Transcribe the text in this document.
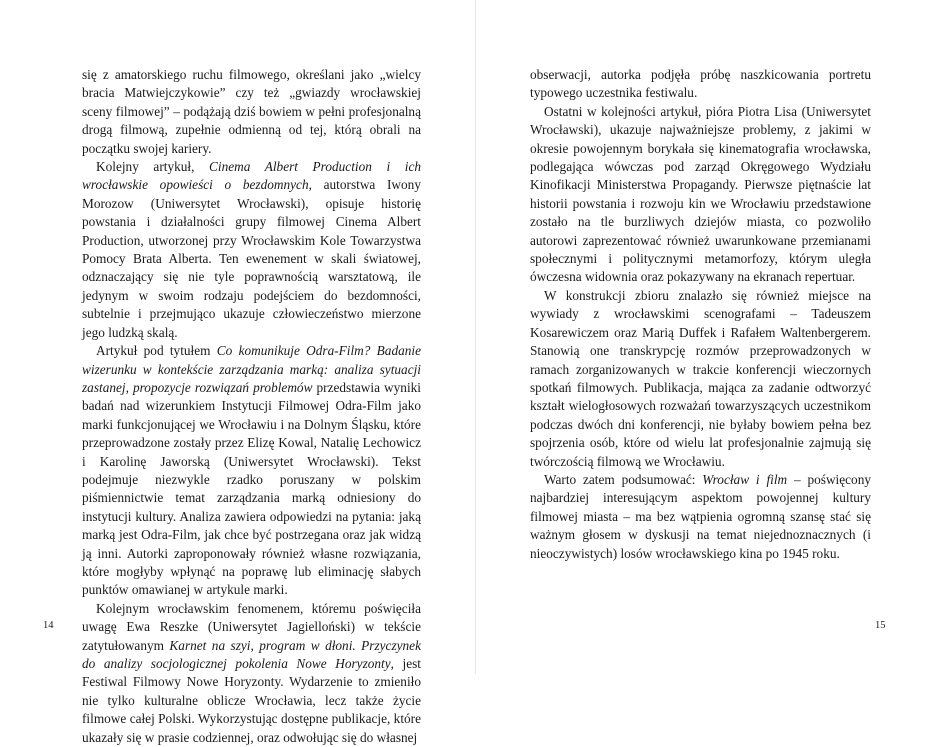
się z amatorskiego ruchu filmowego, określani jako „wielcy bracia Matwiejczykowie” czy też „gwiazdy wrocławskiej sceny filmowej” – podążają dziś bowiem w pełni profesjonalną drogą filmową, zupełnie odmienną od tej, którą obrali na początku swojej kariery.

Kolejny artykuł, Cinema Albert Production i ich wrocławskie opowieści o bezdomnych, autorstwa Iwony Morozow (Uniwersytet Wrocławski), opisuje historię powstania i działalności grupy filmowej Cinema Albert Production, utworzonej przy Wrocławskim Kole Towarzystwa Pomocy Brata Alberta. Ten ewenement w skali światowej, odznaczający się nie tyle poprawnością warsztatową, ile jedynym w swoim rodzaju podejściem do bezdomności, subtelnie i przejmująco ukazuje człowieczeństwo mierzone jego ludzką skalą.

Artykuł pod tytułem Co komunikuje Odra-Film? Badanie wizerunku w kontekście zarządzania marką: analiza sytuacji zastanej, propozycje rozwiązań problemów przedstawia wyniki badań nad wizerunkiem Instytucji Filmowej Odra-Film jako marki funkcjonującej we Wrocławiu i na Dolnym Śląsku, które przeprowadzone zostały przez Elizę Kowal, Natalię Lechowicz i Karolinę Jaworską (Uniwersytet Wrocławski). Tekst podejmuje niezwykle rzadko poruszany w polskim piśmiennictwie temat zarządzania marką odniesiony do instytucji kultury. Analiza zawiera odpowiedzi na pytania: jaką marką jest Odra-Film, jak chce być postrzegana oraz jak widzą ją inni. Autorki zaproponowały również własne rozwiązania, które mogłyby wpłynąć na poprawę lub eliminację słabych punktów omawianej w artykule marki.

Kolejnym wrocławskim fenomenem, któremu poświęciła uwagę Ewa Reszke (Uniwersytet Jagielloński) w tekście zatytułowanym Karnet na szyi, program w dłoni. Przyczynek do analizy socjologicznej pokolenia Nowe Horyzonty, jest Festiwal Filmowy Nowe Horyzonty. Wydarzenie to zmieniło nie tylko kulturalne oblicze Wrocławia, lecz także życie filmowe całej Polski. Wykorzystując dostępne publikacje, które ukazały się w prasie codziennej, oraz odwołując się do własnej

14

obserwacji, autorka podjęła próbę naszkicowania portretu typowego uczestnika festiwalu.

Ostatni w kolejności artykuł, pióra Piotra Lisa (Uniwersytet Wrocławski), ukazuje najważniejsze problemy, z jakimi w okresie powojennym borykała się kinematografia wrocławska, podlegająca wówczas pod zarząd Okręgowego Wydziału Kinofikacji Ministerstwa Propagandy. Pierwsze piętnaście lat historii powstania i rozwoju kin we Wrocławiu przedstawione zostało na tle burzliwych dziejów miasta, co pozwoliło autorowi zaprezentować również uwarunkowane przemianami społecznymi i politycznymi metamorfozy, którym uległa ówczesna widownia oraz pokazywany na ekranach repertuar.

W konstrukcji zbioru znalazło się również miejsce na wywiady z wrocławskimi scenografami – Tadeuszem Kosarewiczem oraz Marią Duffek i Rafałem Waltenbergerem. Stanowią one transkrypcję rozmów przeprowadzonych w ramach zorganizowanych w trakcie konferencji wieczornych spotkań filmowych. Publikacja, mająca za zadanie odtworzyć kształt wielogłosowych rozważań towarzyszących uczestnikom podczas dwóch dni konferencji, nie byłaby bowiem pełna bez spojrzenia osób, które od wielu lat profesjonalnie zajmują się twórczością filmową we Wrocławiu.

Warto zatem podsumować: Wrocław i film – poświęcony najbardziej interesującym aspektom powojennej kultury filmowej miasta – ma bez wątpienia ogromną szansę stać się ważnym głosem w dyskusji na temat niejednoznacznych (i nieoczywistych) losów wrocławskiego kina po 1945 roku.

15
